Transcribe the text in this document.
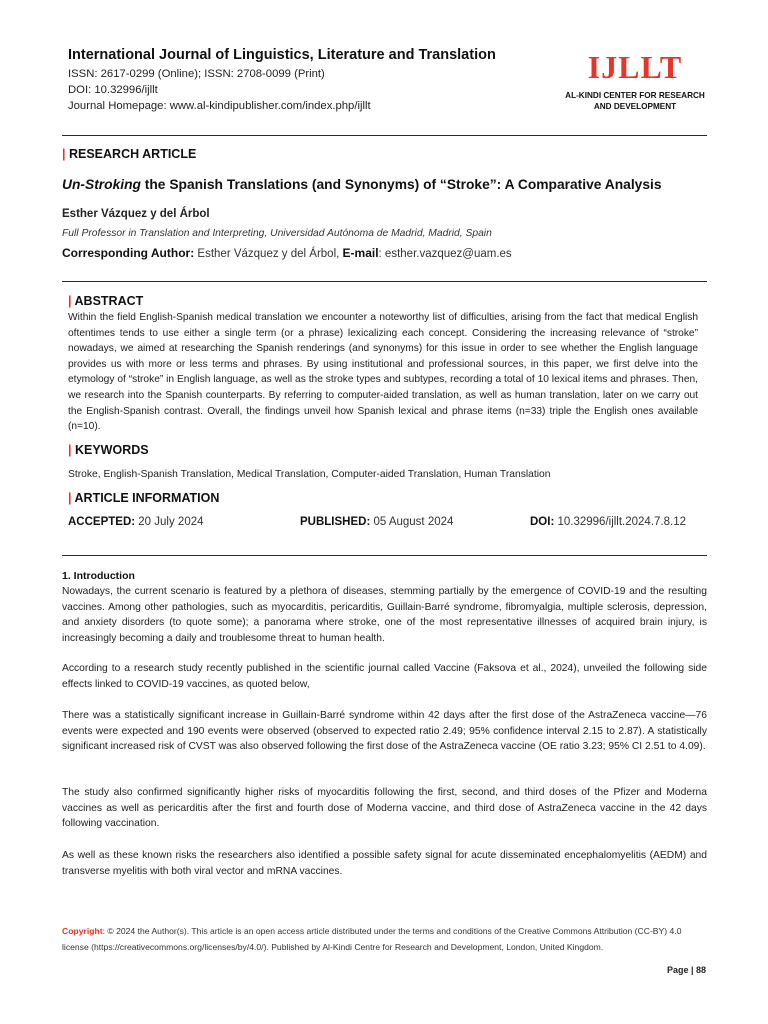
International Journal of Linguistics, Literature and Translation
ISSN: 2617-0299 (Online); ISSN: 2708-0099 (Print)
DOI: 10.32996/ijllt
Journal Homepage: www.al-kindipublisher.com/index.php/ijllt
IJLLT
AL-KINDI CENTER FOR RESEARCH
AND DEVELOPMENT
| RESEARCH ARTICLE
Un-Stroking the Spanish Translations (and Synonyms) of “Stroke”: A Comparative Analysis
Esther Vázquez y del Árbol
Full Professor in Translation and Interpreting, Universidad Autónoma de Madrid, Madrid, Spain
Corresponding Author: Esther Vázquez y del Árbol, E-mail: esther.vazquez@uam.es
| ABSTRACT
Within the field English-Spanish medical translation we encounter a noteworthy list of difficulties, arising from the fact that medical English oftentimes tends to use either a single term (or a phrase) lexicalizing each concept. Considering the increasing relevance of “stroke” nowadays, we aimed at researching the Spanish renderings (and synonyms) for this issue in order to see whether the English language provides us with more or less terms and phrases. By using institutional and professional sources, in this paper, we first delve into the etymology of “stroke” in English language, as well as the stroke types and subtypes, recording a total of 10 lexical items and phrases. Then, we research into the Spanish counterparts. By referring to computer-aided translation, as well as human translation, later on we carry out the English-Spanish contrast. Overall, the findings unveil how Spanish lexical and phrase items (n=33) triple the English ones available (n=10).
| KEYWORDS
Stroke, English-Spanish Translation, Medical Translation, Computer-aided Translation, Human Translation
| ARTICLE INFORMATION
ACCEPTED: 20 July 2024	PUBLISHED: 05 August 2024	DOI: 10.32996/ijllt.2024.7.8.12
1. Introduction
Nowadays, the current scenario is featured by a plethora of diseases, stemming partially by the emergence of COVID-19 and the resulting vaccines. Among other pathologies, such as myocarditis, pericarditis, Guillain-Barré syndrome, fibromyalgia, multiple sclerosis, depression, and anxiety disorders (to quote some); a panorama where stroke, one of the most representative illnesses of acquired brain injury, is increasingly becoming a daily and troublesome threat to human health.
According to a research study recently published in the scientific journal called Vaccine (Faksova et al., 2024), unveiled the following side effects linked to COVID-19 vaccines, as quoted below,
There was a statistically significant increase in Guillain-Barré syndrome within 42 days after the first dose of the AstraZeneca vaccine—76 events were expected and 190 events were observed (observed to expected ratio 2.49; 95% confidence interval 2.15 to 2.87). A statistically significant increased risk of CVST was also observed following the first dose of the AstraZeneca vaccine (OE ratio 3.23; 95% CI 2.51 to 4.09).
The study also confirmed significantly higher risks of myocarditis following the first, second, and third doses of the Pfizer and Moderna vaccines as well as pericarditis after the first and fourth dose of Moderna vaccine, and third dose of AstraZeneca vaccine in the 42 days following vaccination.
As well as these known risks the researchers also identified a possible safety signal for acute disseminated encephalomyelitis (AEDM) and transverse myelitis with both viral vector and mRNA vaccines.
Copyright: © 2024 the Author(s). This article is an open access article distributed under the terms and conditions of the Creative Commons Attribution (CC-BY) 4.0 license (https://creativecommons.org/licenses/by/4.0/). Published by Al-Kindi Centre for Research and Development, London, United Kingdom.
Page | 88
